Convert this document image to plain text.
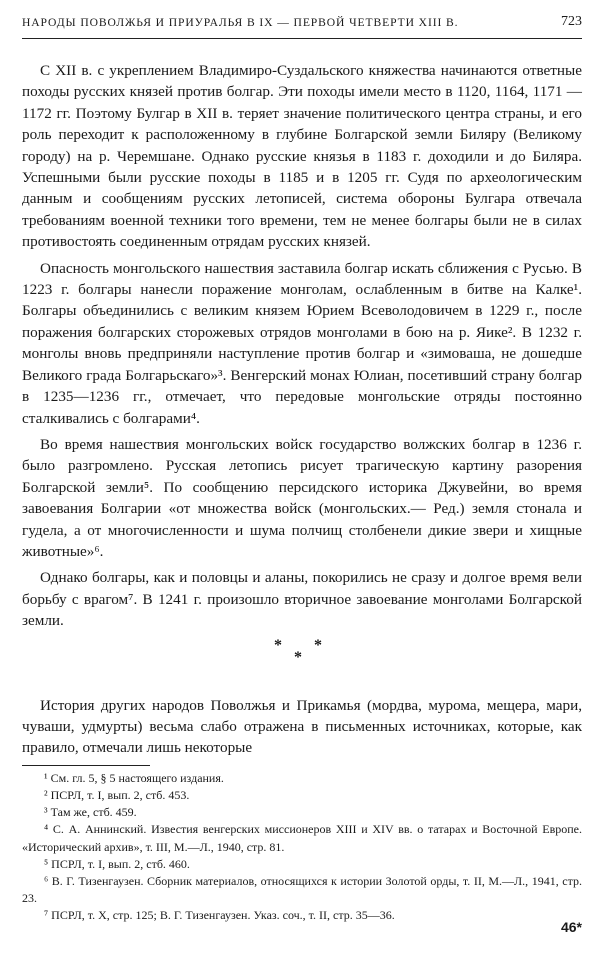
НАРОДЫ ПОВОЛЖЬЯ И ПРИУРАЛЬЯ В IX — ПЕРВОЙ ЧЕТВЕРТИ XIII В.	723

С XII в. с укреплением Владимиро-Суздальского княжества начинаются ответные походы русских князей против болгар. Эти походы имели место в 1120, 1164, 1171 — 1172 гг. Поэтому Булгар в XII в. теряет значение политического центра страны, и его роль переходит к расположенному в глубине Болгарской земли Биляру (Великому городу) на р. Черемшане. Однако русские князья в 1183 г. доходили и до Биляра. Успешными были русские походы в 1185 и в 1205 гг. Судя по археологическим данным и сообщениям русских летописей, система обороны Булгара отвечала требованиям военной техники того времени, тем не менее болгары были не в силах противостоять соединенным отрядам русских князей.

Опасность монгольского нашествия заставила болгар искать сближения с Русью. В 1223 г. болгары нанесли поражение монголам, ослабленным в битве на Калке¹. Болгары объединились с великим князем Юрием Всеволодовичем в 1229 г., после поражения болгарских сторожевых отрядов монголами в бою на р. Яике². В 1232 г. монголы вновь предприняли наступление против болгар и «зимоваша, не дошедше Великого града Болгарьскаго»³. Венгерский монах Юлиан, посетивший страну болгар в 1235—1236 гг., отмечает, что передовые монгольские отряды постоянно сталкивались с болгарами⁴.

Во время нашествия монгольских войск государство волжских болгар в 1236 г. было разгромлено. Русская летопись рисует трагическую картину разорения Болгарской земли⁵. По сообщению персидского историка Джувейни, во время завоевания Болгарии «от множества войск (монгольских.— Ред.) земля стонала и гудела, а от многочисленности и шума полчищ столбенели дикие звери и хищные животные»⁶.

Однако болгары, как и половцы и аланы, покорились не сразу и долгое время вели борьбу с врагом⁷. В 1241 г. произошло вторичное завоевание монголами Болгарской земли.

*
*
*

История других народов Поволжья и Прикамья (мордва, мурома, мещера, мари, чуваши, удмурты) весьма слабо отражена в письменных источниках, которые, как правило, отмечали лишь некоторые

¹ См. гл. 5, § 5 настоящего издания.

² ПСРЛ, т. I, вып. 2, стб. 453.

³ Там же, стб. 459.

⁴ С. А. Аннинский. Известия венгерских миссионеров XIII и XIV вв. о татарах и Восточной Европе. «Исторический архив», т. III, М.—Л., 1940, стр. 81.

⁵ ПСРЛ, т. I, вып. 2, стб. 460.

⁶ В. Г. Тизенгаузен. Сборник материалов, относящихся к истории Золотой орды, т. II, М.—Л., 1941, стр. 23.

⁷ ПСРЛ, т. X, стр. 125; В. Г. Тизенгаузен. Указ. соч., т. II, стр. 35—36.

46*
